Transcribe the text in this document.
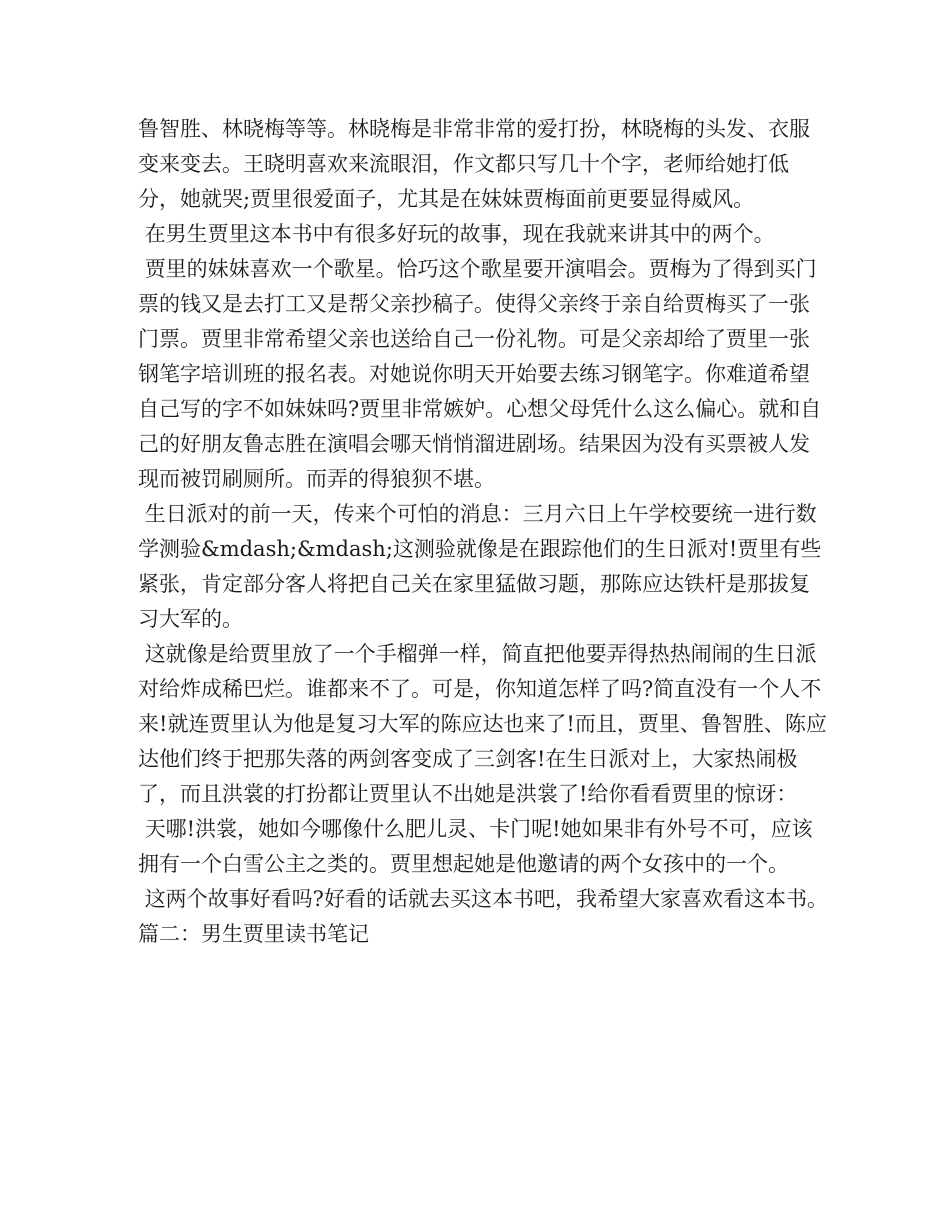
鲁智胜、林晓梅等等。林晓梅是非常非常的爱打扮，林晓梅的头发、衣服变来变去。王晓明喜欢来流眼泪，作文都只写几十个字，老师给她打低分，她就哭;贾里很爱面子，尤其是在妹妹贾梅面前更要显得威风。

在男生贾里这本书中有很多好玩的故事，现在我就来讲其中的两个。

贾里的妹妹喜欢一个歌星。恰巧这个歌星要开演唱会。贾梅为了得到买门票的钱又是去打工又是帮父亲抄稿子。使得父亲终于亲自给贾梅买了一张门票。贾里非常希望父亲也送给自己一份礼物。可是父亲却给了贾里一张钢笔字培训班的报名表。对她说你明天开始要去练习钢笔字。你难道希望自己写的字不如妹妹吗?贾里非常嫉妒。心想父母凭什么这么偏心。就和自己的好朋友鲁志胜在演唱会哪天悄悄溜进剧场。结果因为没有买票被人发现而被罚刷厕所。而弄的得狼狈不堪。

生日派对的前一天，传来个可怕的消息：三月六日上午学校要统一进行数学测验&mdash;&mdash;这测验就像是在跟踪他们的生日派对!贾里有些紧张，肯定部分客人将把自己关在家里猛做习题，那陈应达铁杆是那拔复习大军的。

这就像是给贾里放了一个手榴弹一样，简直把他要弄得热热闹闹的生日派对给炸成稀巴烂。谁都来不了。可是，你知道怎样了吗?简直没有一个人不来!就连贾里认为他是复习大军的陈应达也来了!而且，贾里、鲁智胜、陈应达他们终于把那失落的两剑客变成了三剑客!在生日派对上，大家热闹极了，而且洪裳的打扮都让贾里认不出她是洪裳了!给你看看贾里的惊讶：

天哪!洪裳，她如今哪像什么肥儿灵、卡门呢!她如果非有外号不可，应该拥有一个白雪公主之类的。贾里想起她是他邀请的两个女孩中的一个。

这两个故事好看吗?好看的话就去买这本书吧，我希望大家喜欢看这本书。

篇二：男生贾里读书笔记
